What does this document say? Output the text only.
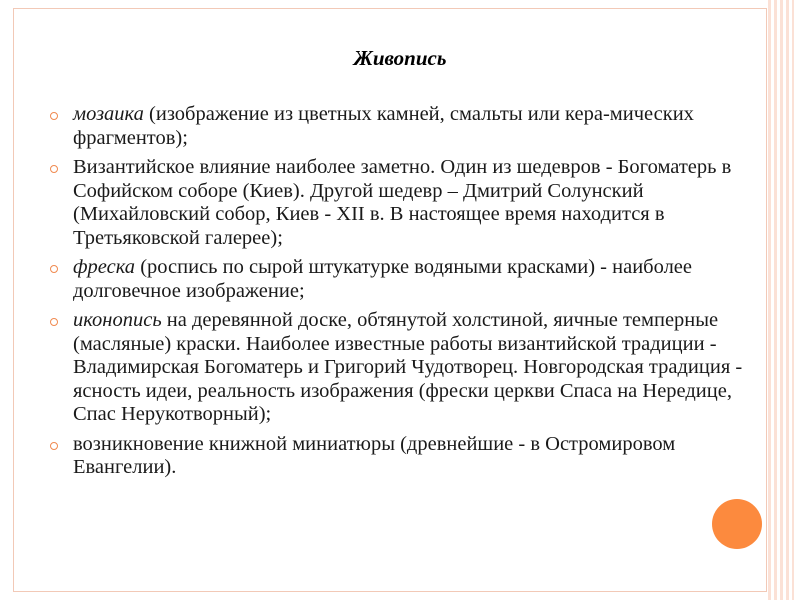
Живопись
мозаика (изображение из цветных камней, смальты или кера-мических фрагментов);
Византийское влияние наиболее заметно. Один из шедевров - Богоматерь в Софийском соборе (Киев). Другой шедевр – Дмитрий Солунский (Михайловский собор, Киев - XII в. В настоящее время находится в Третьяковской галерее);
фреска (роспись по сырой штукатурке водяными красками) - наиболее долговечное изображение;
иконопись на деревянной доске, обтянутой холстиной, яичные темперные (масляные) краски. Наиболее известные работы византийской традиции - Владимирская Богоматерь и Григорий Чудотворец. Новгородская традиция - ясность идеи, реальность изображения (фрески церкви Спаса на Нередице, Спас Нерукотворный);
возникновение книжной миниатюры (древнейшие - в Остромировом Евангелии).
